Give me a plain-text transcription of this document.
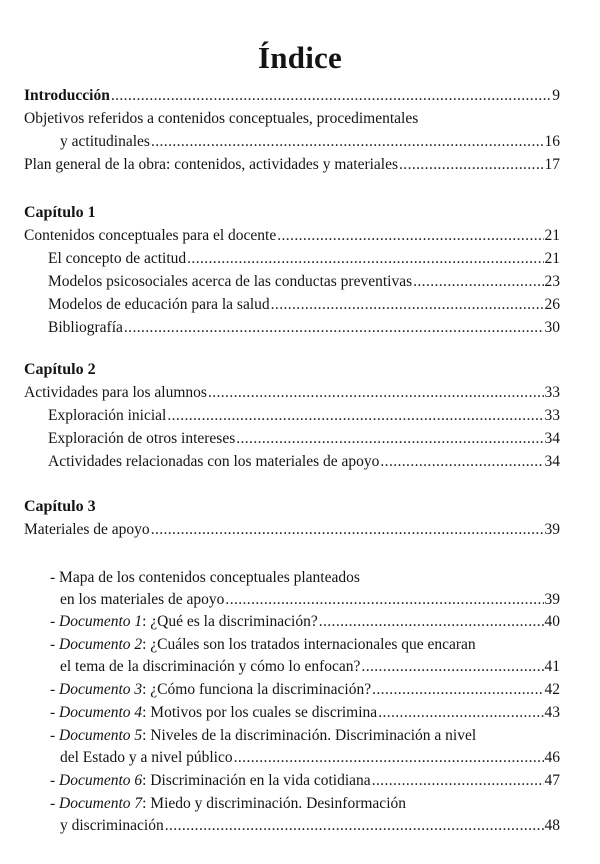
Índice
Introducción .....	9
Objetivos referidos a contenidos conceptuales, procedimentales
y actitudinales .....	16
Plan general de la obra: contenidos, actividades y materiales .....	17
Capítulo 1
Contenidos conceptuales para el docente .....	21
El concepto de actitud .....	21
Modelos psicosociales acerca de las conductas preventivas .....	23
Modelos de educación para la salud .....	26
Bibliografía .....	30
Capítulo 2
Actividades para los alumnos .....	33
Exploración inicial .....	33
Exploración de otros intereses .....	34
Actividades relacionadas con los materiales de apoyo .....	34
Capítulo 3
Materiales de apoyo .....	39
- Mapa de los contenidos conceptuales planteados
en los materiales de apoyo .....	39
- Documento 1: ¿Qué es la discriminación? .....	40
- Documento 2: ¿Cuáles son los tratados internacionales que encaran
el tema de la discriminación y cómo lo enfocan? .....	41
- Documento 3: ¿Cómo funciona la discriminación? .....	42
- Documento 4: Motivos por los cuales se discrimina .....	43
- Documento 5: Niveles de la discriminación. Discriminación a nivel
del Estado y a nivel público .....	46
- Documento 6: Discriminación en la vida cotidiana .....	47
- Documento 7: Miedo y discriminación. Desinformación
y discriminación .....	48
